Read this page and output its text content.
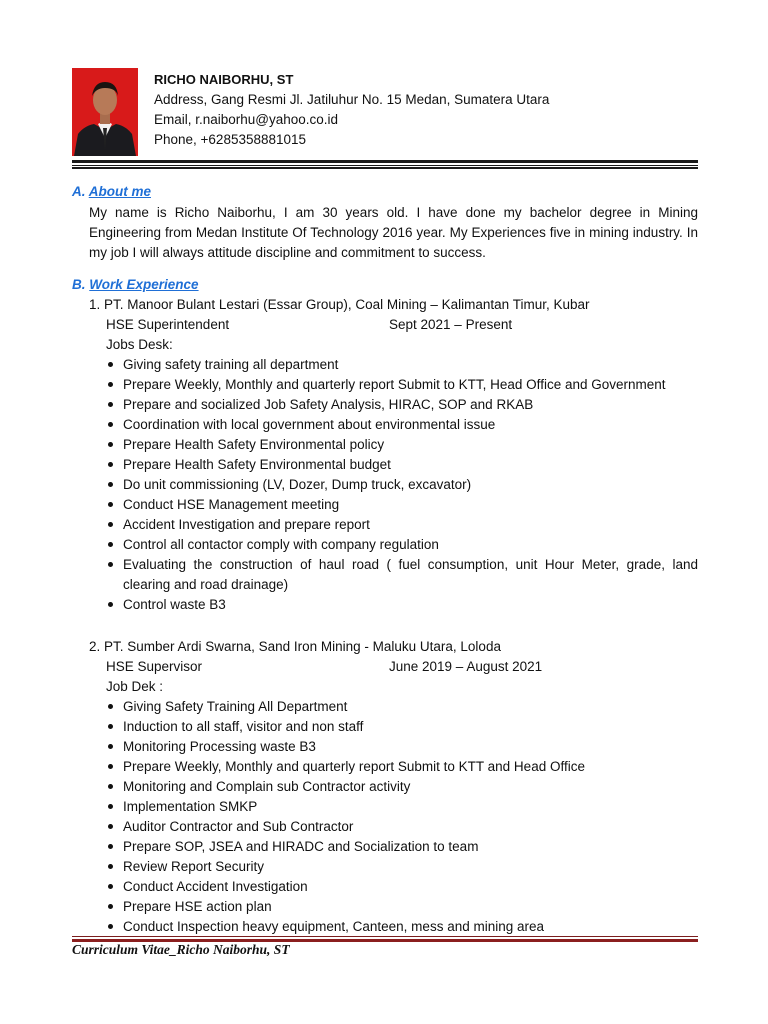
RICHO NAIBORHU, ST
Address, Gang Resmi Jl. Jatiluhur No. 15 Medan, Sumatera Utara
Email, r.naiborhu@yahoo.co.id
Phone, +6285358881015
A. About me
My name is Richo Naiborhu, I am 30 years old. I have done my bachelor degree in Mining Engineering from Medan Institute Of Technology 2016 year. My Experiences five in mining industry. In my job I will always attitude discipline and commitment to success.
B. Work Experience
1. PT. Manoor Bulant Lestari (Essar Group), Coal Mining – Kalimantan Timur, Kubar
HSE Superintendent	Sept 2021 – Present
Jobs Desk:
Giving safety training all department
Prepare Weekly, Monthly and quarterly report Submit to KTT, Head Office and Government
Prepare and socialized Job Safety Analysis, HIRAC, SOP and RKAB
Coordination with local government about environmental issue
Prepare Health Safety Environmental policy
Prepare Health Safety Environmental budget
Do unit commissioning (LV, Dozer, Dump truck, excavator)
Conduct HSE Management meeting
Accident Investigation and prepare report
Control all contactor comply with company regulation
Evaluating the construction of haul road ( fuel consumption, unit Hour Meter, grade, land clearing and road drainage)
Control waste B3
2. PT. Sumber Ardi Swarna, Sand Iron Mining - Maluku Utara, Loloda
HSE Supervisor	June 2019 – August 2021
Job Dek :
Giving Safety Training All Department
Induction to all staff, visitor and non staff
Monitoring Processing waste B3
Prepare Weekly, Monthly and quarterly report Submit to KTT and Head Office
Monitoring and Complain sub Contractor activity
Implementation SMKP
Auditor Contractor and Sub Contractor
Prepare SOP, JSEA and HIRADC and Socialization to team
Review Report Security
Conduct Accident Investigation
Prepare HSE action plan
Conduct Inspection heavy equipment, Canteen, mess and mining area
Curriculum Vitae_Richo Naiborhu, ST
